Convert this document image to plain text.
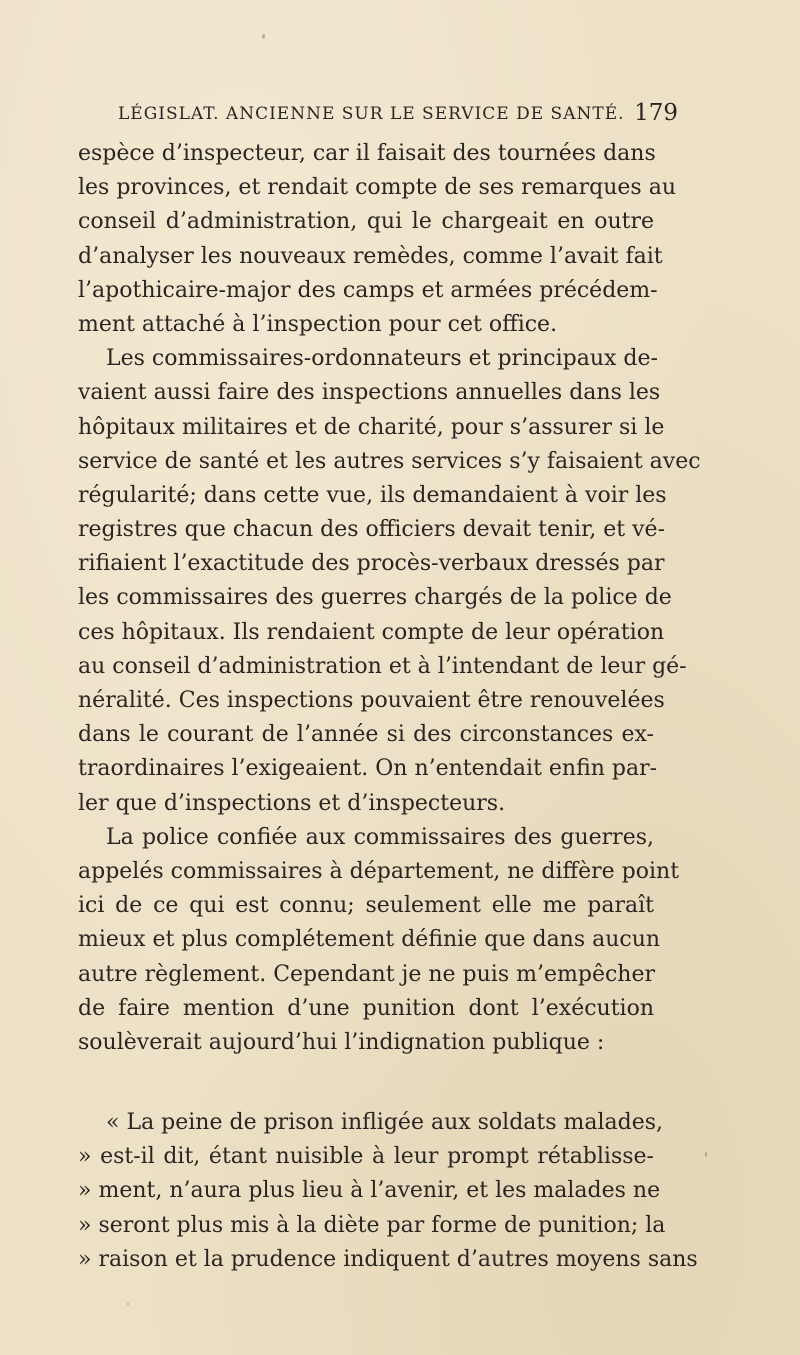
LÉGISLAT. ANCIENNE SUR LE SERVICE DE SANTÉ. 179
espèce d’inspecteur, car il faisait des tournées dans
les provinces, et rendait compte de ses remarques au
conseil d’administration, qui le chargeait en outre
d’analyser les nouveaux remèdes, comme l’avait fait
l’apothicaire-major des camps et armées précédem-
ment attaché à l’inspection pour cet office.
Les commissaires-ordonnateurs et principaux de-
vaient aussi faire des inspections annuelles dans les
hôpitaux militaires et de charité, pour s’assurer si le
service de santé et les autres services s’y faisaient avec
régularité; dans cette vue, ils demandaient à voir les
registres que chacun des officiers devait tenir, et vé-
rifiaient l’exactitude des procès-verbaux dressés par
les commissaires des guerres chargés de la police de
ces hôpitaux. Ils rendaient compte de leur opération
au conseil d’administration et à l’intendant de leur gé-
néralité. Ces inspections pouvaient être renouvelées
dans le courant de l’année si des circonstances ex-
traordinaires l’exigeaient. On n’entendait enfin par-
ler que d’inspections et d’inspecteurs.
La police confiée aux commissaires des guerres,
appelés commissaires à département, ne diffère point
ici de ce qui est connu; seulement elle me paraît
mieux et plus complétement définie que dans aucun
autre règlement. Cependant je ne puis m’empêcher
de faire mention d’une punition dont l’exécution
soulèverait aujourd’hui l’indignation publique :
« La peine de prison infligée aux soldats malades,
» est-il dit, étant nuisible à leur prompt rétablisse-
» ment, n’aura plus lieu à l’avenir, et les malades ne
» seront plus mis à la diète par forme de punition; la
» raison et la prudence indiquent d’autres moyens sans
